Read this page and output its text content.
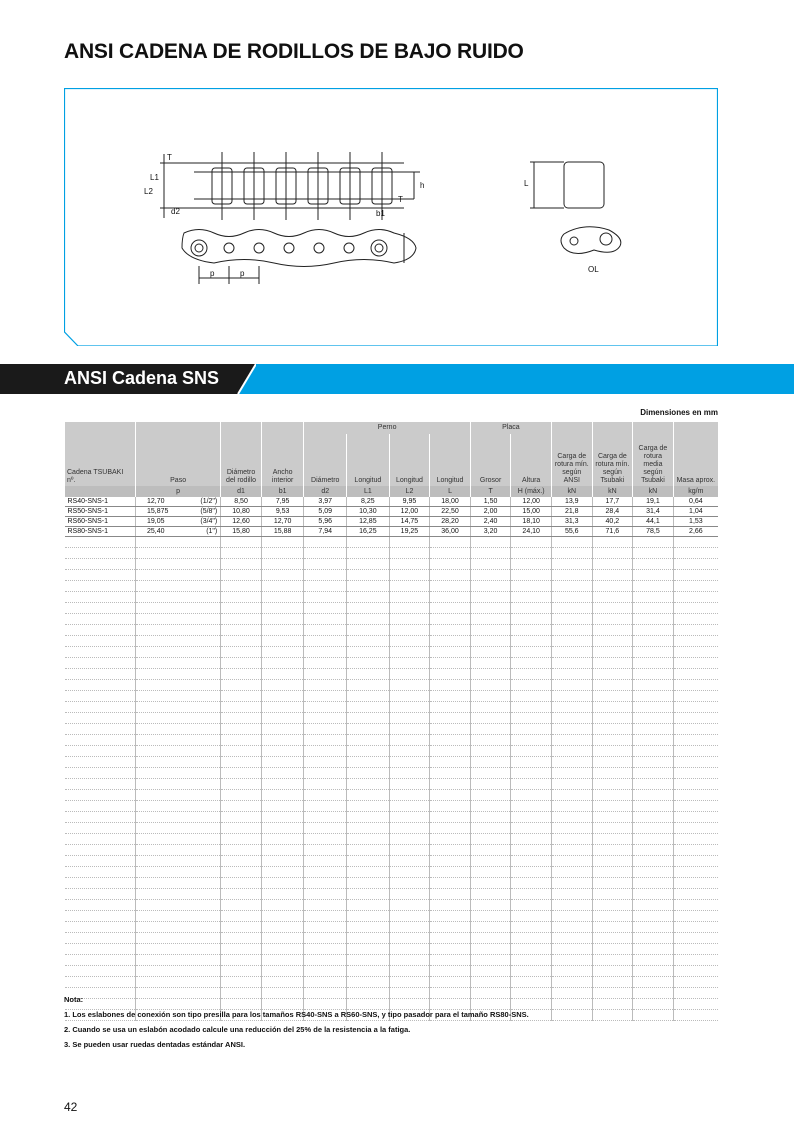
ANSI CADENA DE RODILLOS DE BAJO RUIDO
T
L1
L2
d2	b1
T
h
p	p
L
OL
ANSI Cadena SNS
Dimensiones en mm
Cadena TSUBAKI nº.	Paso	Diámetro del rodillo	Ancho interior	Perno				Placa		Carga de rotura mín. según ANSI	Carga de rotura mín. según Tsubaki	Carga de rotura media según Tsubaki	Masa aprox.
				Diámetro	Longitud	Longitud	Longitud	Grosor	Altura				
	p	d1	b1	d2	L1	L2	L	T	H (máx.)	kN	kN	kN	kg/m
RS40-SNS-1	12,70 (1/2")	8,50	7,95	3,97	8,25	9,95	18,00	1,50	12,00	13,9	17,7	19,1	0,64
RS50-SNS-1	15,875 (5/8")	10,80	9,53	5,09	10,30	12,00	22,50	2,00	15,00	21,8	28,4	31,4	1,04
RS60-SNS-1	19,05 (3/4")	12,60	12,70	5,96	12,85	14,75	28,20	2,40	18,10	31,3	40,2	44,1	1,53
RS80-SNS-1	25,40 (1")	15,80	15,88	7,94	16,25	19,25	36,00	3,20	24,10	55,6	71,6	78,5	2,66

Nota:
1. Los eslabones de conexión son tipo presilla para los tamaños RS40-SNS a RS60-SNS, y tipo pasador para el tamaño RS80-SNS.
2. Cuando se usa un eslabón acodado calcule una reducción del 25% de la resistencia a la fatiga.
3. Se pueden usar ruedas dentadas estándar ANSI.
42
